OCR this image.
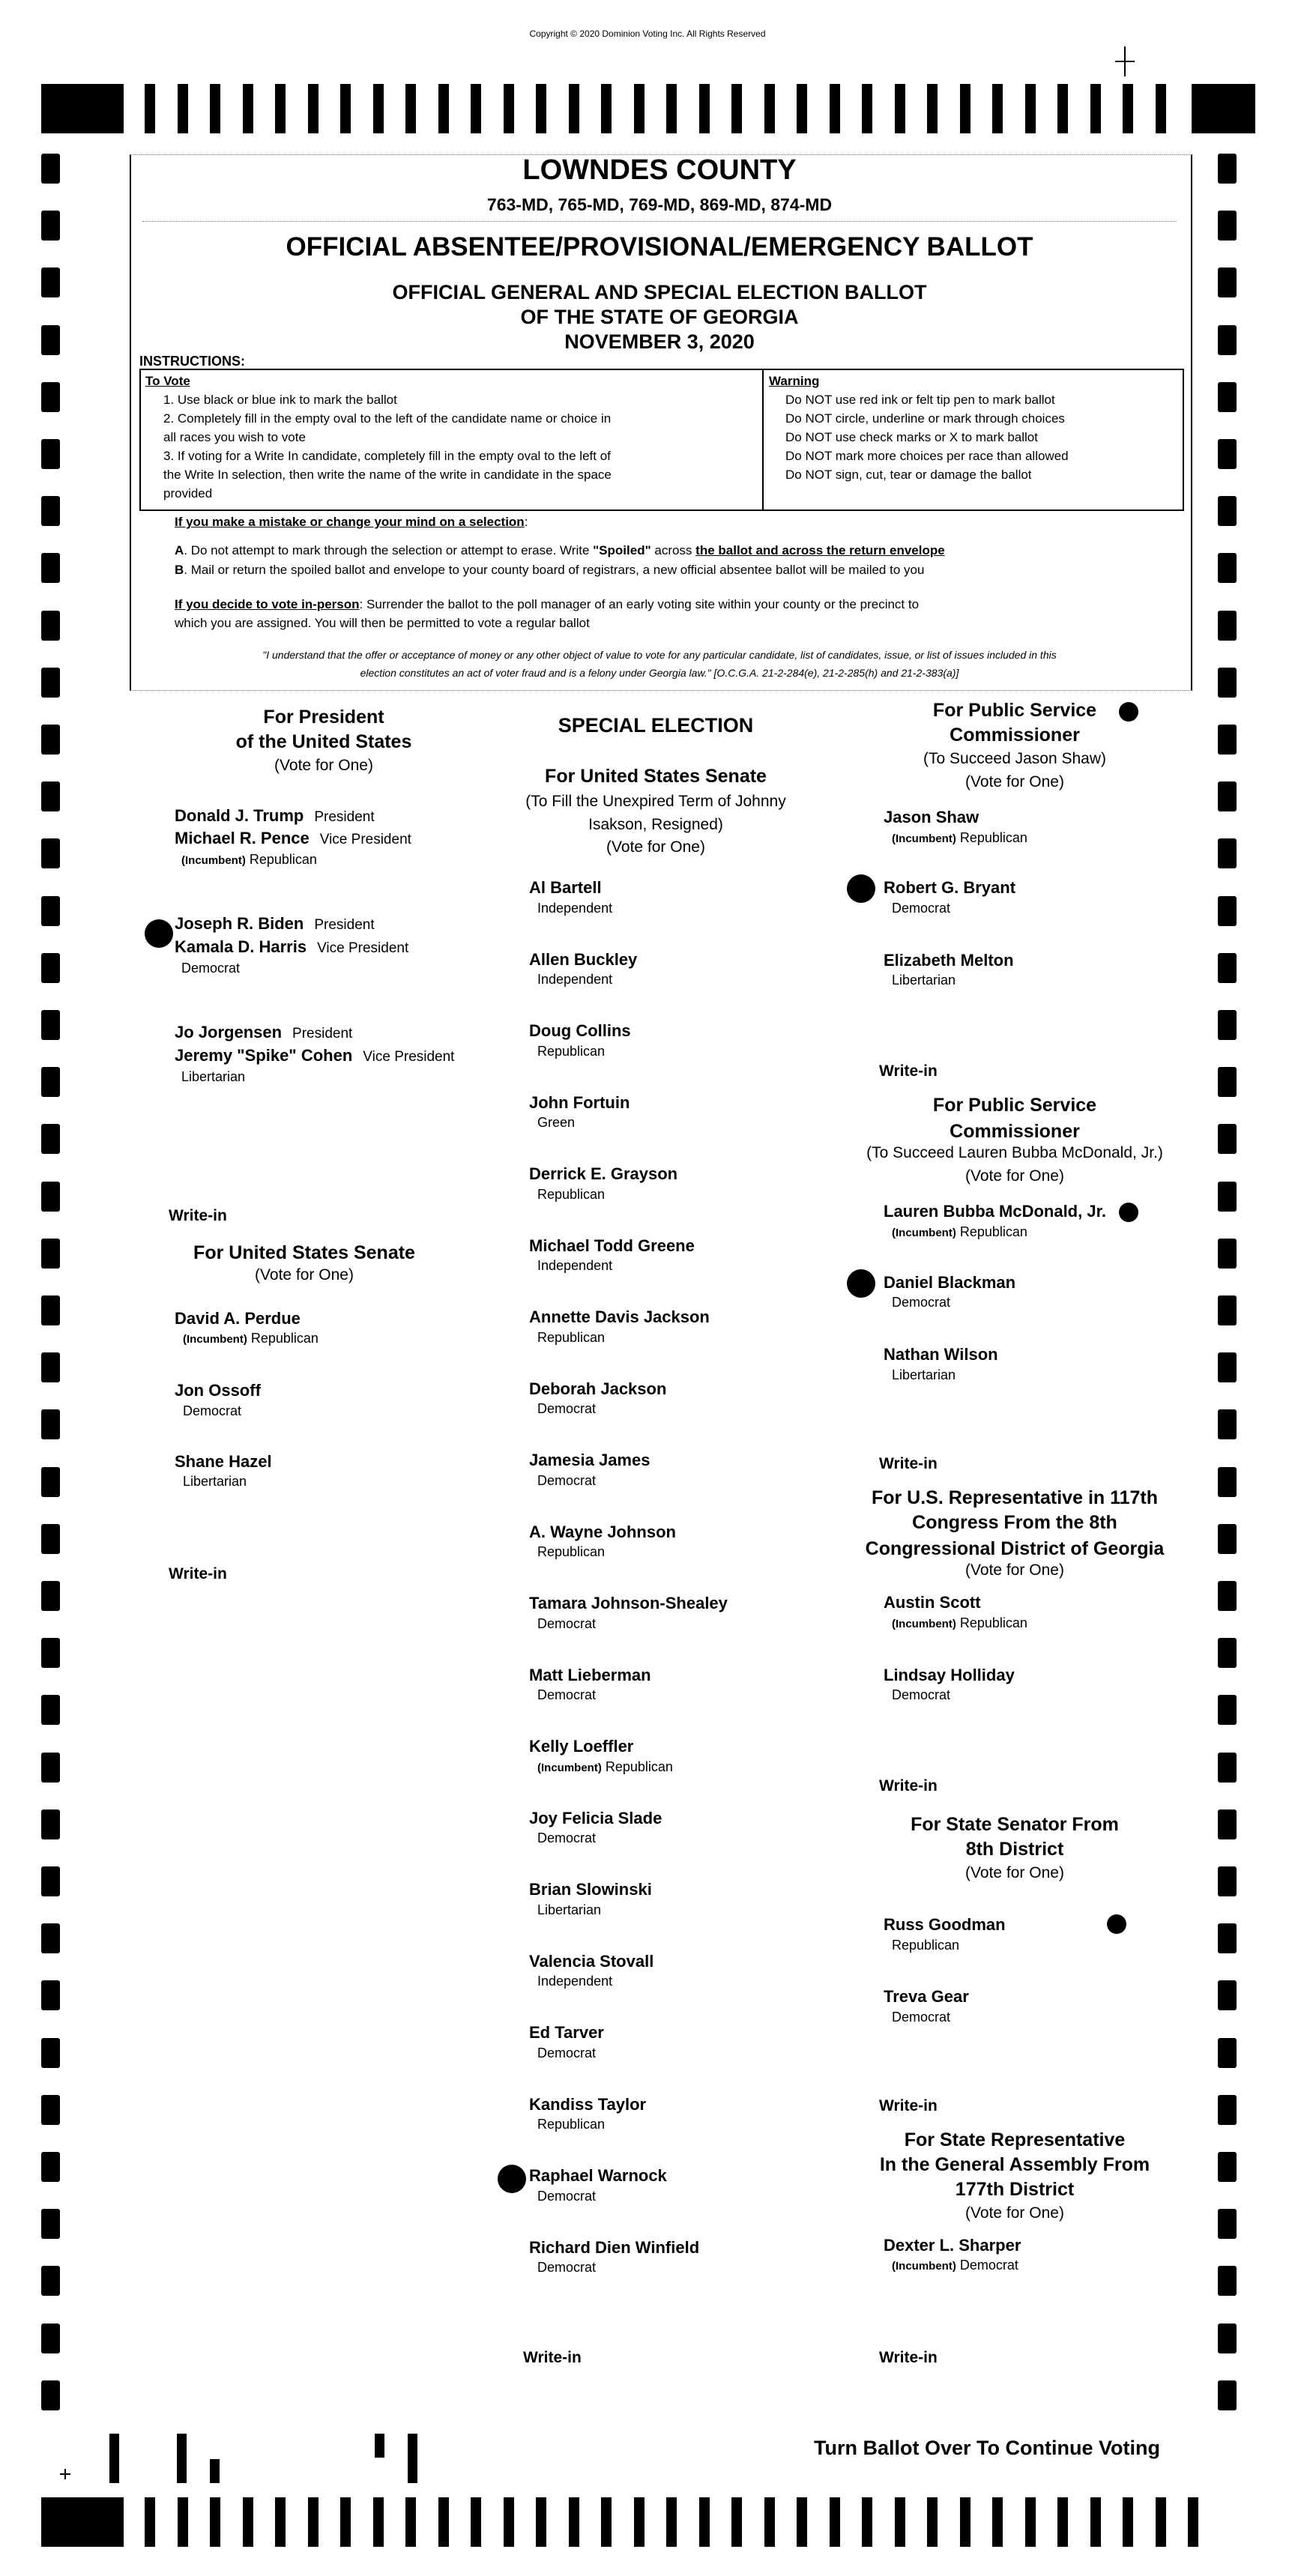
Copyright © 2020 Dominion Voting Inc. All Rights Reserved
LOWNDES COUNTY
763-MD, 765-MD, 769-MD, 869-MD, 874-MD
OFFICIAL ABSENTEE/PROVISIONAL/EMERGENCY BALLOT
OFFICIAL GENERAL AND SPECIAL ELECTION BALLOT
OF THE STATE OF GEORGIA
NOVEMBER 3, 2020
INSTRUCTIONS:
To Vote
1. Use black or blue ink to mark the ballot
2. Completely fill in the empty oval to the left of the candidate name or choice in
all races you wish to vote
3. If voting for a Write In candidate, completely fill in the empty oval to the left of
the Write In selection, then write the name of the write in candidate in the space
provided
Warning
Do NOT use red ink or felt tip pen to mark ballot
Do NOT circle, underline or mark through choices
Do NOT use check marks or X to mark ballot
Do NOT mark more choices per race than allowed
Do NOT sign, cut, tear or damage the ballot
If you make a mistake or change your mind on a selection:
A. Do not attempt to mark through the selection or attempt to erase. Write "Spoiled" across the ballot and across the return envelope
B. Mail or return the spoiled ballot and envelope to your county board of registrars, a new official absentee ballot will be mailed to you
If you decide to vote in-person: Surrender the ballot to the poll manager of an early voting site within your county or the precinct to
which you are assigned. You will then be permitted to vote a regular ballot
"I understand that the offer or acceptance of money or any other object of value to vote for any particular candidate, list of candidates, issue, or list of issues included in this
election constitutes an act of voter fraud and is a felony under Georgia law." [O.C.G.A. 21-2-284(e), 21-2-285(h) and 21-2-383(a)]
Turn Ballot Over To Continue Voting
For President
of the United States
(Vote for One)
Donald J. Trump President
Michael R. Pence Vice President
(Incumbent) Republican
Joseph R. Biden President
Kamala D. Harris Vice President
Democrat
Jo Jorgensen President
Jeremy "Spike" Cohen Vice President
Libertarian
Write-in
For United States Senate
(Vote for One)
David A. Perdue
(Incumbent) Republican
Jon Ossoff
Democrat
Shane Hazel
Libertarian
Write-in
SPECIAL ELECTION
For United States Senate
(To Fill the Unexpired Term of Johnny
Isakson, Resigned)
(Vote for One)
Al Bartell
Independent
Allen Buckley
Independent
Doug Collins
Republican
John Fortuin
Green
Derrick E. Grayson
Republican
Michael Todd Greene
Independent
Annette Davis Jackson
Republican
Deborah Jackson
Democrat
Jamesia James
Democrat
A. Wayne Johnson
Republican
Tamara Johnson-Shealey
Democrat
Matt Lieberman
Democrat
Kelly Loeffler
(Incumbent) Republican
Joy Felicia Slade
Democrat
Brian Slowinski
Libertarian
Valencia Stovall
Independent
Ed Tarver
Democrat
Kandiss Taylor
Republican
Raphael Warnock
Democrat
Richard Dien Winfield
Democrat
Write-in
For Public Service
Commissioner
(To Succeed Jason Shaw)
(Vote for One)
Jason Shaw
(Incumbent) Republican
Robert G. Bryant
Democrat
Elizabeth Melton
Libertarian
Write-in
For Public Service
Commissioner
(To Succeed Lauren Bubba McDonald, Jr.)
(Vote for One)
Lauren Bubba McDonald, Jr.
(Incumbent) Republican
Daniel Blackman
Democrat
Nathan Wilson
Libertarian
Write-in
For U.S. Representative in 117th
Congress From the 8th
Congressional District of Georgia
(Vote for One)
Austin Scott
(Incumbent) Republican
Lindsay Holliday
Democrat
Write-in
For State Senator From
8th District
(Vote for One)
Russ Goodman
Republican
Treva Gear
Democrat
Write-in
For State Representative
In the General Assembly From
177th District
(Vote for One)
Dexter L. Sharper
(Incumbent) Democrat
Write-in
